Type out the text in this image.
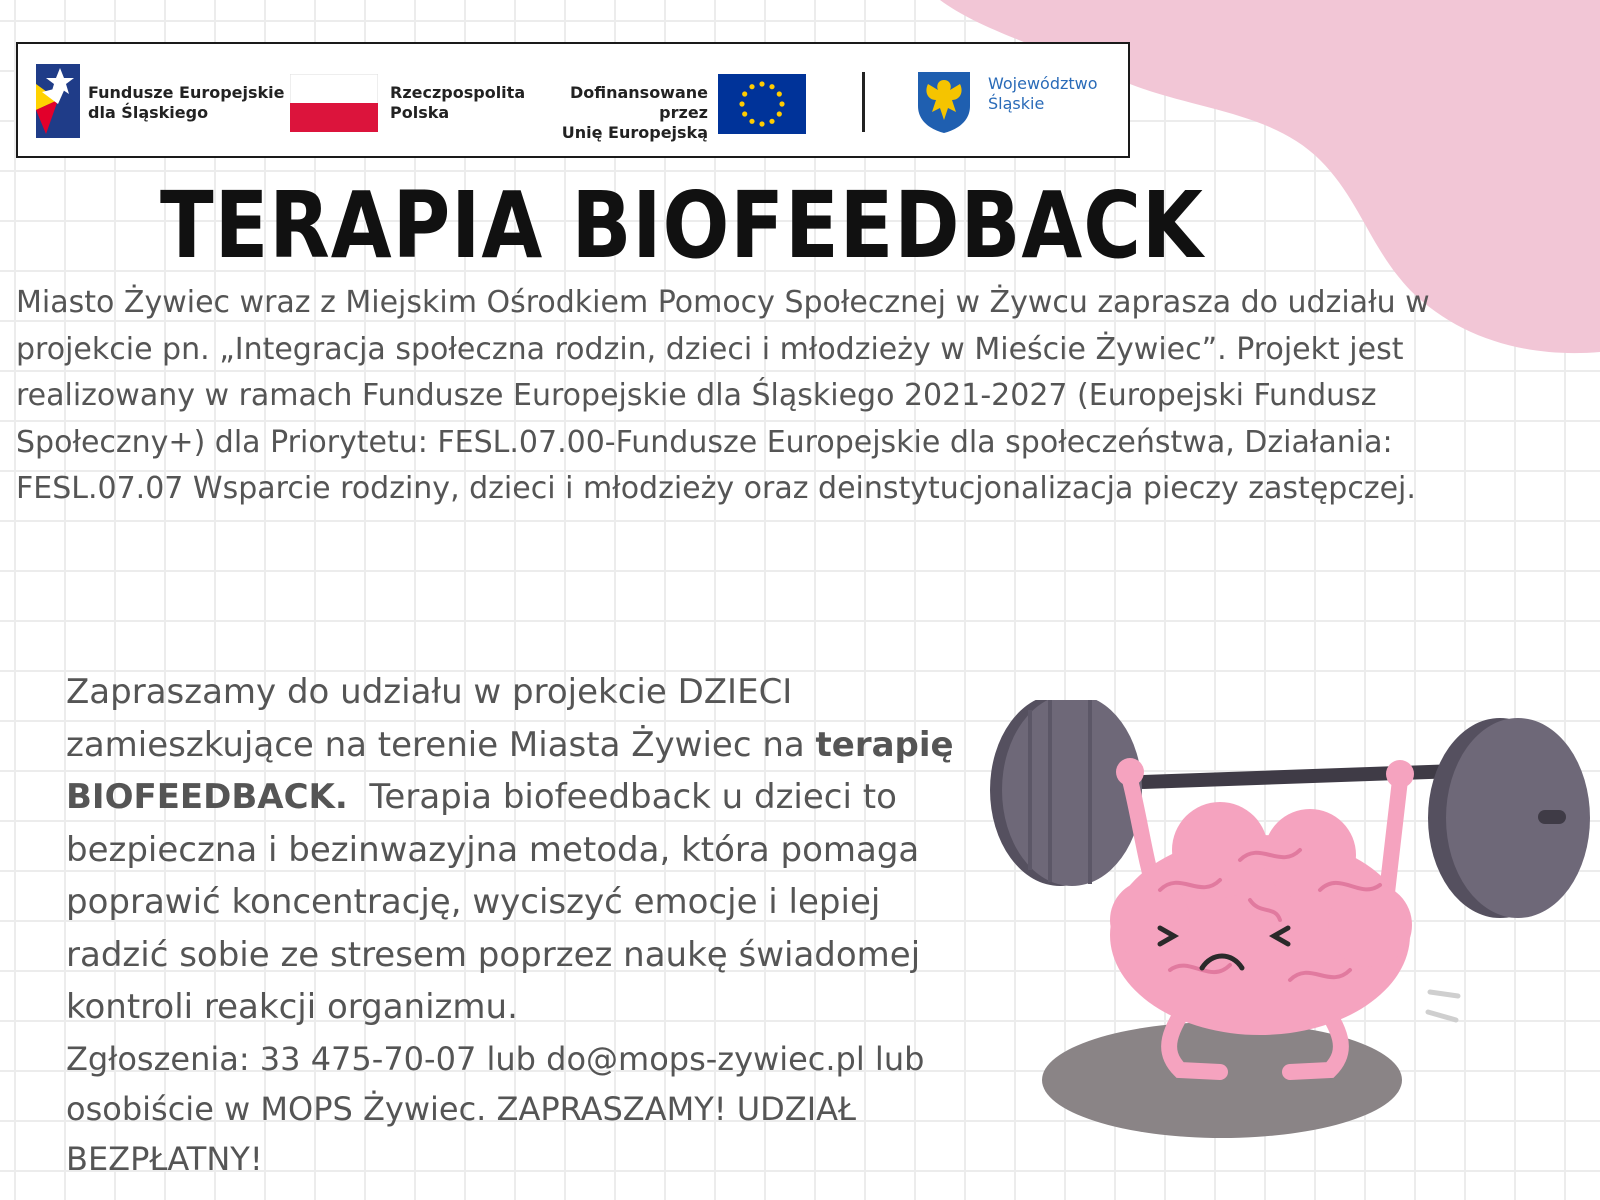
Fundusze Europejskie
dla Śląskiego
Rzeczpospolita
Polska
Dofinansowane przez
Unię Europejską
Województwo
Śląskie
TERAPIA BIOFEEDBACK

Miasto Żywiec wraz z Miejskim Ośrodkiem Pomocy Społecznej w Żywcu zaprasza do udziału w projekcie pn. „Integracja społeczna rodzin, dzieci i młodzieży w Mieście Żywiec”. Projekt jest realizowany w ramach Fundusze Europejskie dla Śląskiego 2021-2027 (Europejski Fundusz Społeczny+) dla Priorytetu: FESL.07.00-Fundusze Europejskie dla społeczeństwa, Działania: FESL.07.07 Wsparcie rodziny, dzieci i młodzieży oraz deinstytucjonalizacja pieczy zastępczej.

Zapraszamy do udziału w projekcie DZIECI zamieszkujące na terenie Miasta Żywiec na terapię BIOFEEDBACK.  Terapia biofeedback u dzieci to bezpieczna i bezinwazyjna metoda, która pomaga poprawić koncentrację, wyciszyć emocje i lepiej radzić sobie ze stresem poprzez naukę świadomej kontroli reakcji organizmu.

Zgłoszenia: 33 475-70-07 lub do@mops-zywiec.pl lub osobiście w MOPS Żywiec. ZAPRASZAMY! UDZIAŁ BEZPŁATNY!
